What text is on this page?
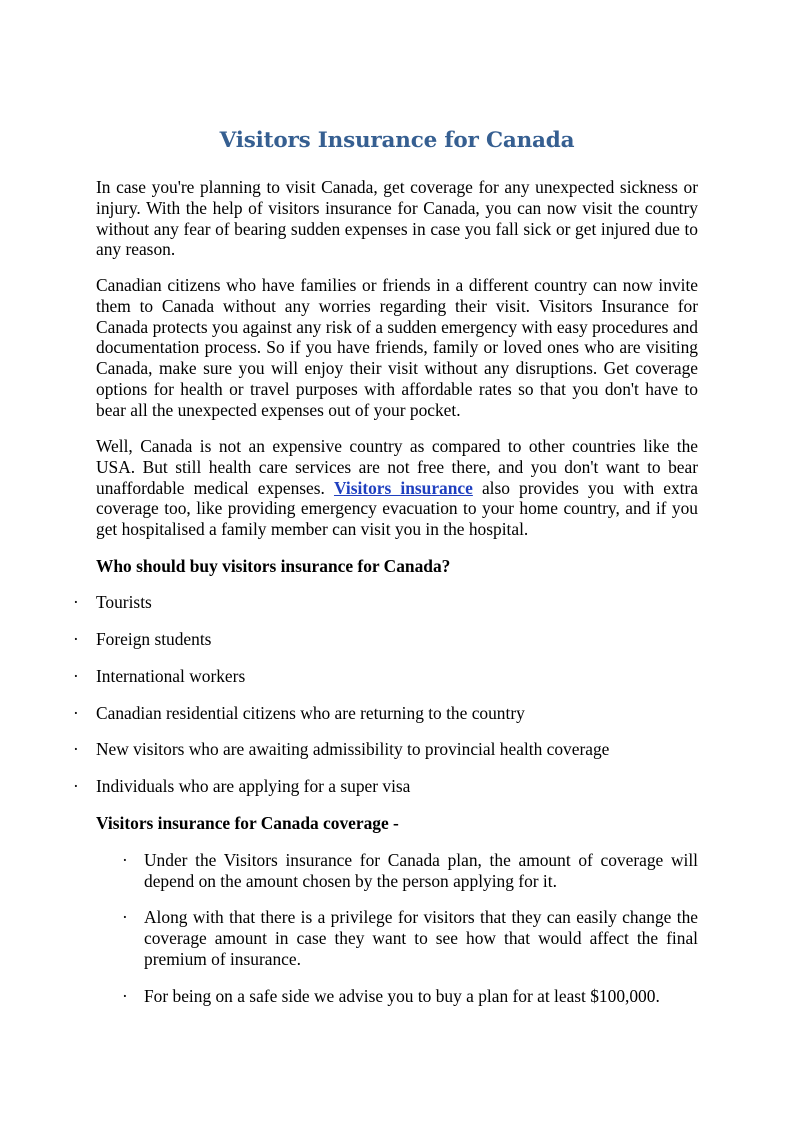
Visitors Insurance for Canada

In case you're planning to visit Canada, get coverage for any unexpected sickness or injury. With the help of visitors insurance for Canada, you can now visit the country without any fear of bearing sudden expenses in case you fall sick or get injured due to any reason.

Canadian citizens who have families or friends in a different country can now invite them to Canada without any worries regarding their visit. Visitors Insurance for Canada protects you against any risk of a sudden emergency with easy procedures and documentation process. So if you have friends, family or loved ones who are visiting Canada, make sure you will enjoy their visit without any disruptions. Get coverage options for health or travel purposes with affordable rates so that you don't have to bear all the unexpected expenses out of your pocket.

Well, Canada is not an expensive country as compared to other countries like the USA. But still health care services are not free there, and you don't want to bear unaffordable medical expenses. Visitors insurance also provides you with extra coverage too, like providing emergency evacuation to your home country, and if you get hospitalised a family member can visit you in the hospital.

Who should buy visitors insurance for Canada?

· Tourists
· Foreign students
· International workers
· Canadian residential citizens who are returning to the country
· New visitors who are awaiting admissibility to provincial health coverage
· Individuals who are applying for a super visa

Visitors insurance for Canada coverage -

· Under the Visitors insurance for Canada plan, the amount of coverage will depend on the amount chosen by the person applying for it.
· Along with that there is a privilege for visitors that they can easily change the coverage amount in case they want to see how that would affect the final premium of insurance.
· For being on a safe side we advise you to buy a plan for at least $100,000.
